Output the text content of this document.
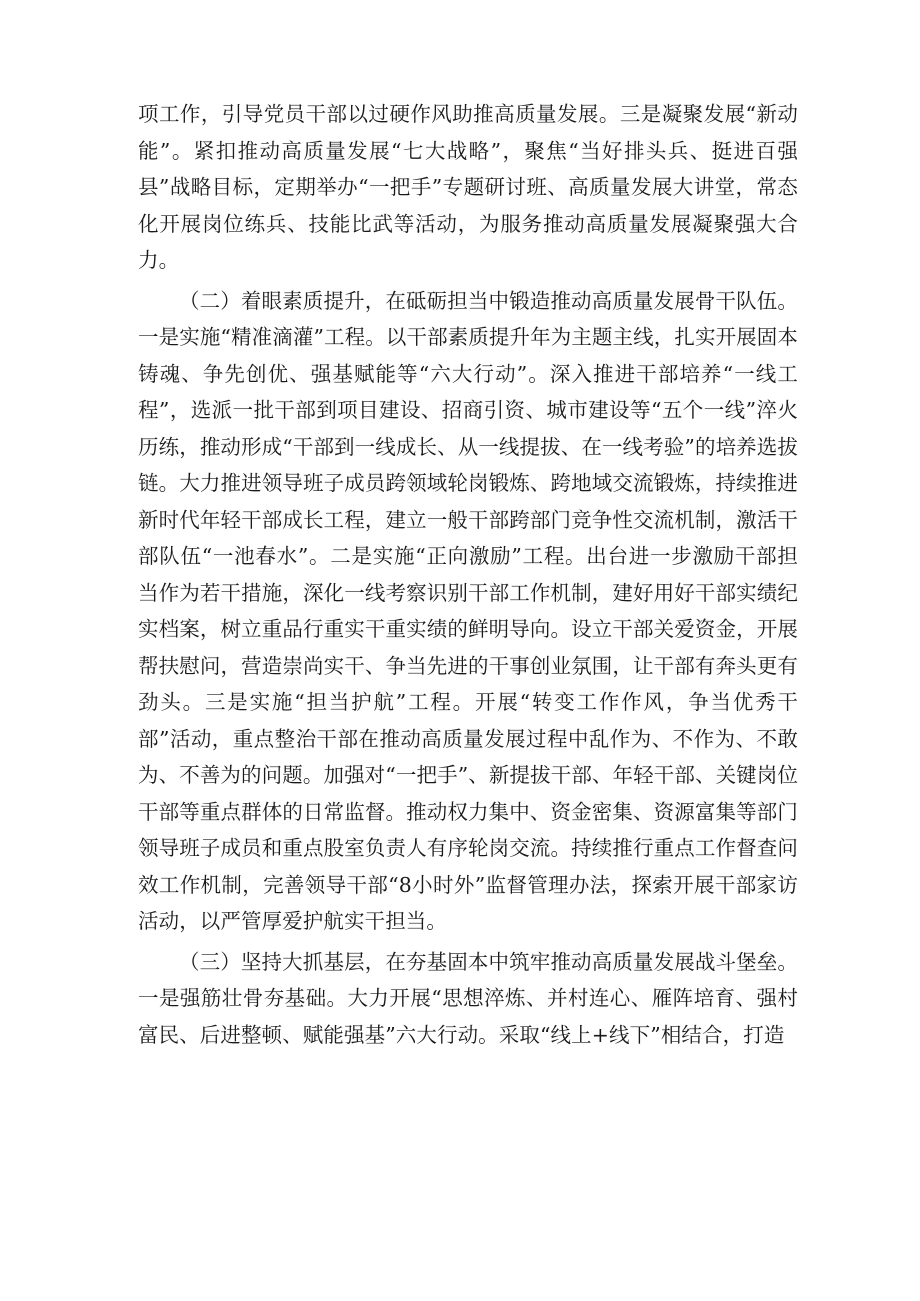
项工作，引导党员干部以过硬作风助推高质量发展。三是凝聚发展“新动能”。紧扣推动高质量发展“七大战略”，聚焦“当好排头兵、挺进百强县”战略目标，定期举办“一把手”专题研讨班、高质量发展大讲堂，常态化开展岗位练兵、技能比武等活动，为服务推动高质量发展凝聚强大合力。

（二）着眼素质提升，在砥砺担当中锻造推动高质量发展骨干队伍。一是实施“精准滴灌”工程。以干部素质提升年为主题主线，扎实开展固本铸魂、争先创优、强基赋能等“六大行动”。深入推进干部培养“一线工程”，选派一批干部到项目建设、招商引资、城市建设等“五个一线”淬火历练，推动形成“干部到一线成长、从一线提拔、在一线考验”的培养选拔链。大力推进领导班子成员跨领域轮岗锻炼、跨地域交流锻炼，持续推进新时代年轻干部成长工程，建立一般干部跨部门竞争性交流机制，激活干部队伍“一池春水”。二是实施“正向激励”工程。出台进一步激励干部担当作为若干措施，深化一线考察识别干部工作机制，建好用好干部实绩纪实档案，树立重品行重实干重实绩的鲜明导向。设立干部关爱资金，开展帮扶慰问，营造崇尚实干、争当先进的干事创业氛围，让干部有奔头更有劲头。三是实施“担当护航”工程。开展“转变工作作风，争当优秀干部”活动，重点整治干部在推动高质量发展过程中乱作为、不作为、不敢为、不善为的问题。加强对“一把手”、新提拔干部、年轻干部、关键岗位干部等重点群体的日常监督。推动权力集中、资金密集、资源富集等部门领导班子成员和重点股室负责人有序轮岗交流。持续推行重点工作督查问效工作机制，完善领导干部“8小时外”监督管理办法，探索开展干部家访活动，以严管厚爱护航实干担当。

（三）坚持大抓基层，在夯基固本中筑牢推动高质量发展战斗堡垒。一是强筋壮骨夯基础。大力开展“思想淬炼、并村连心、雁阵培育、强村富民、后进整顿、赋能强基”六大行动。采取“线上+线下”相结合，打造
